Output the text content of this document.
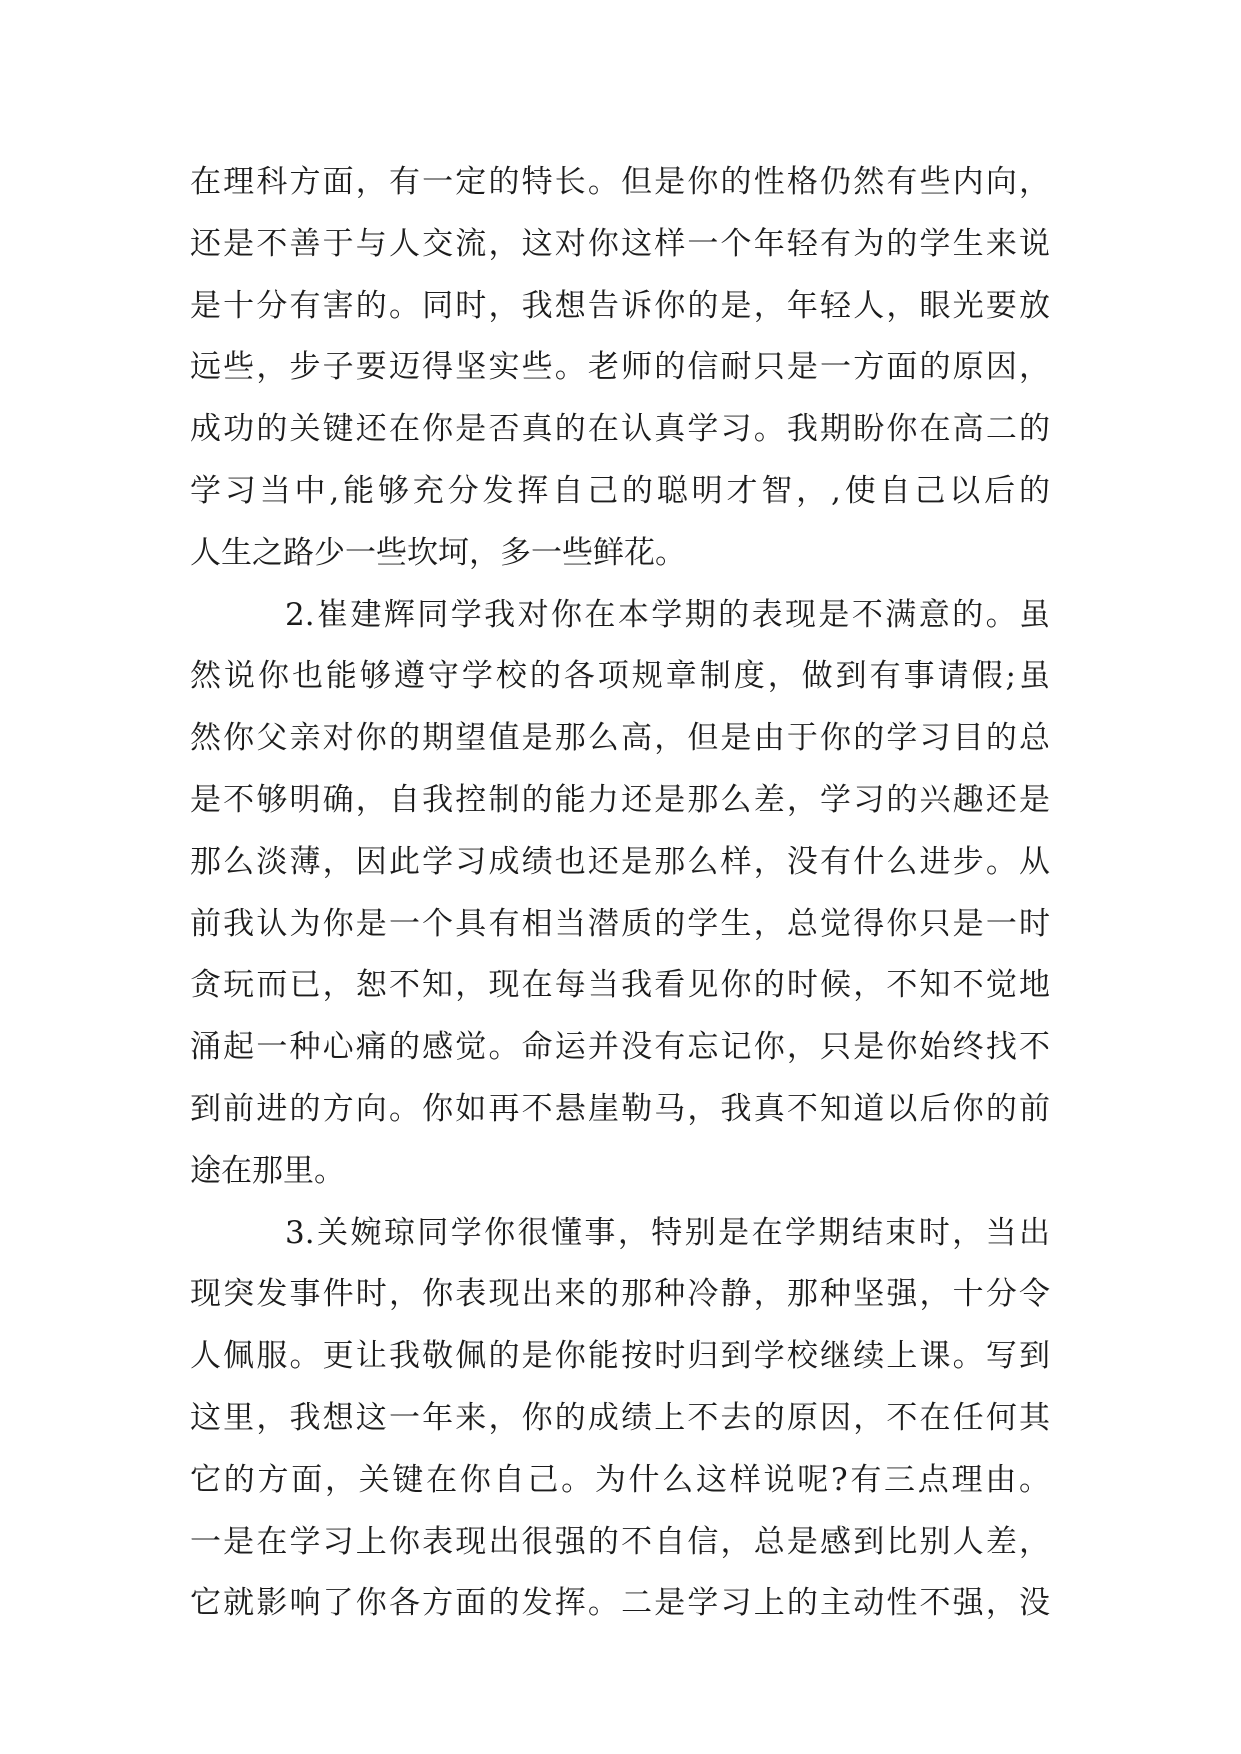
在理科方面，有一定的特长。但是你的性格仍然有些内向，
还是不善于与人交流，这对你这样一个年轻有为的学生来说
是十分有害的。同时，我想告诉你的是，年轻人，眼光要放
远些，步子要迈得坚实些。老师的信耐只是一方面的原因，
成功的关键还在你是否真的在认真学习。我期盼你在高二的
学习当中,能够充分发挥自己的聪明才智，,使自己以后的
人生之路少一些坎坷，多一些鲜花。
2.崔建辉同学我对你在本学期的表现是不满意的。虽
然说你也能够遵守学校的各项规章制度，做到有事请假;虽
然你父亲对你的期望值是那么高，但是由于你的学习目的总
是不够明确，自我控制的能力还是那么差，学习的兴趣还是
那么淡薄，因此学习成绩也还是那么样，没有什么进步。从
前我认为你是一个具有相当潜质的学生，总觉得你只是一时
贪玩而已，恕不知，现在每当我看见你的时候，不知不觉地
涌起一种心痛的感觉。命运并没有忘记你，只是你始终找不
到前进的方向。你如再不悬崖勒马，我真不知道以后你的前
途在那里。
3.关婉琼同学你很懂事，特别是在学期结束时，当出
现突发事件时，你表现出来的那种冷静，那种坚强，十分令
人佩服。更让我敬佩的是你能按时归到学校继续上课。写到
这里，我想这一年来，你的成绩上不去的原因，不在任何其
它的方面，关键在你自己。为什么这样说呢?有三点理由。
一是在学习上你表现出很强的不自信，总是感到比别人差，
它就影响了你各方面的发挥。二是学习上的主动性不强，没
